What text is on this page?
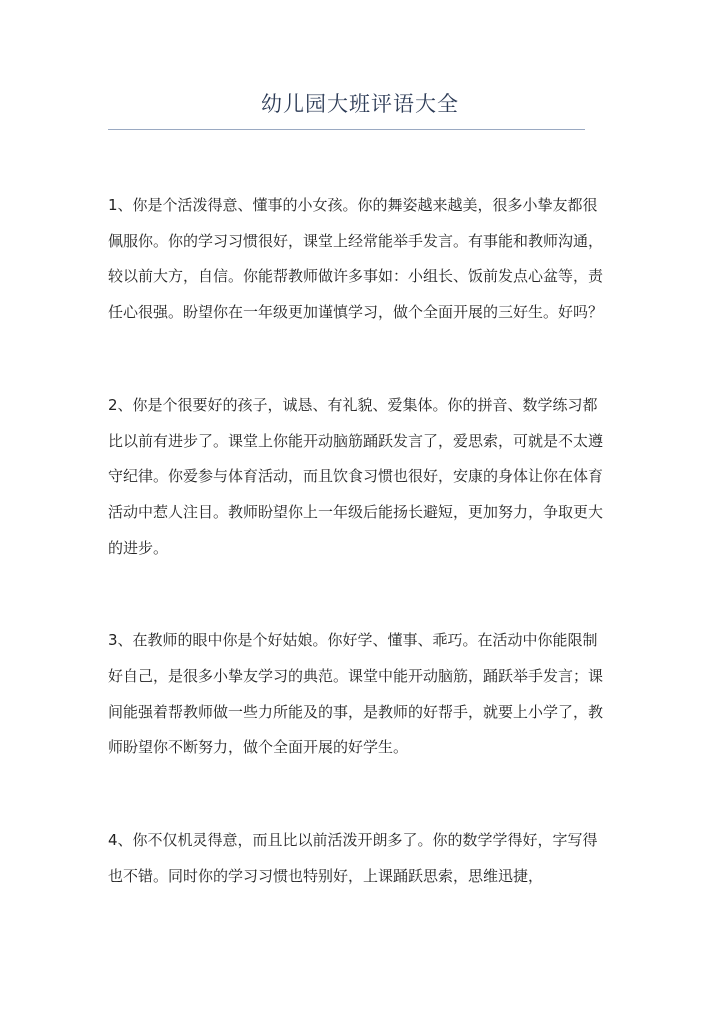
幼儿园大班评语大全

1、你是个活泼得意、懂事的小女孩。你的舞姿越来越美，很多小挚友都很佩服你。你的学习习惯很好，课堂上经常能举手发言。有事能和教师沟通，较以前大方，自信。你能帮教师做许多事如：小组长、饭前发点心盆等，责任心很强。盼望你在一年级更加谨慎学习，做个全面开展的三好生。好吗？

2、你是个很要好的孩子，诚恳、有礼貌、爱集体。你的拼音、数学练习都比以前有进步了。课堂上你能开动脑筋踊跃发言了，爱思索，可就是不太遵守纪律。你爱参与体育活动，而且饮食习惯也很好，安康的身体让你在体育活动中惹人注目。教师盼望你上一年级后能扬长避短，更加努力，争取更大的进步。

3、在教师的眼中你是个好姑娘。你好学、懂事、乖巧。在活动中你能限制好自己，是很多小挚友学习的典范。课堂中能开动脑筋，踊跃举手发言；课间能强着帮教师做一些力所能及的事，是教师的好帮手，就要上小学了，教师盼望你不断努力，做个全面开展的好学生。

4、你不仅机灵得意，而且比以前活泼开朗多了。你的数学学得好，字写得也不错。同时你的学习习惯也特别好，上课踊跃思索，思维迅捷，
